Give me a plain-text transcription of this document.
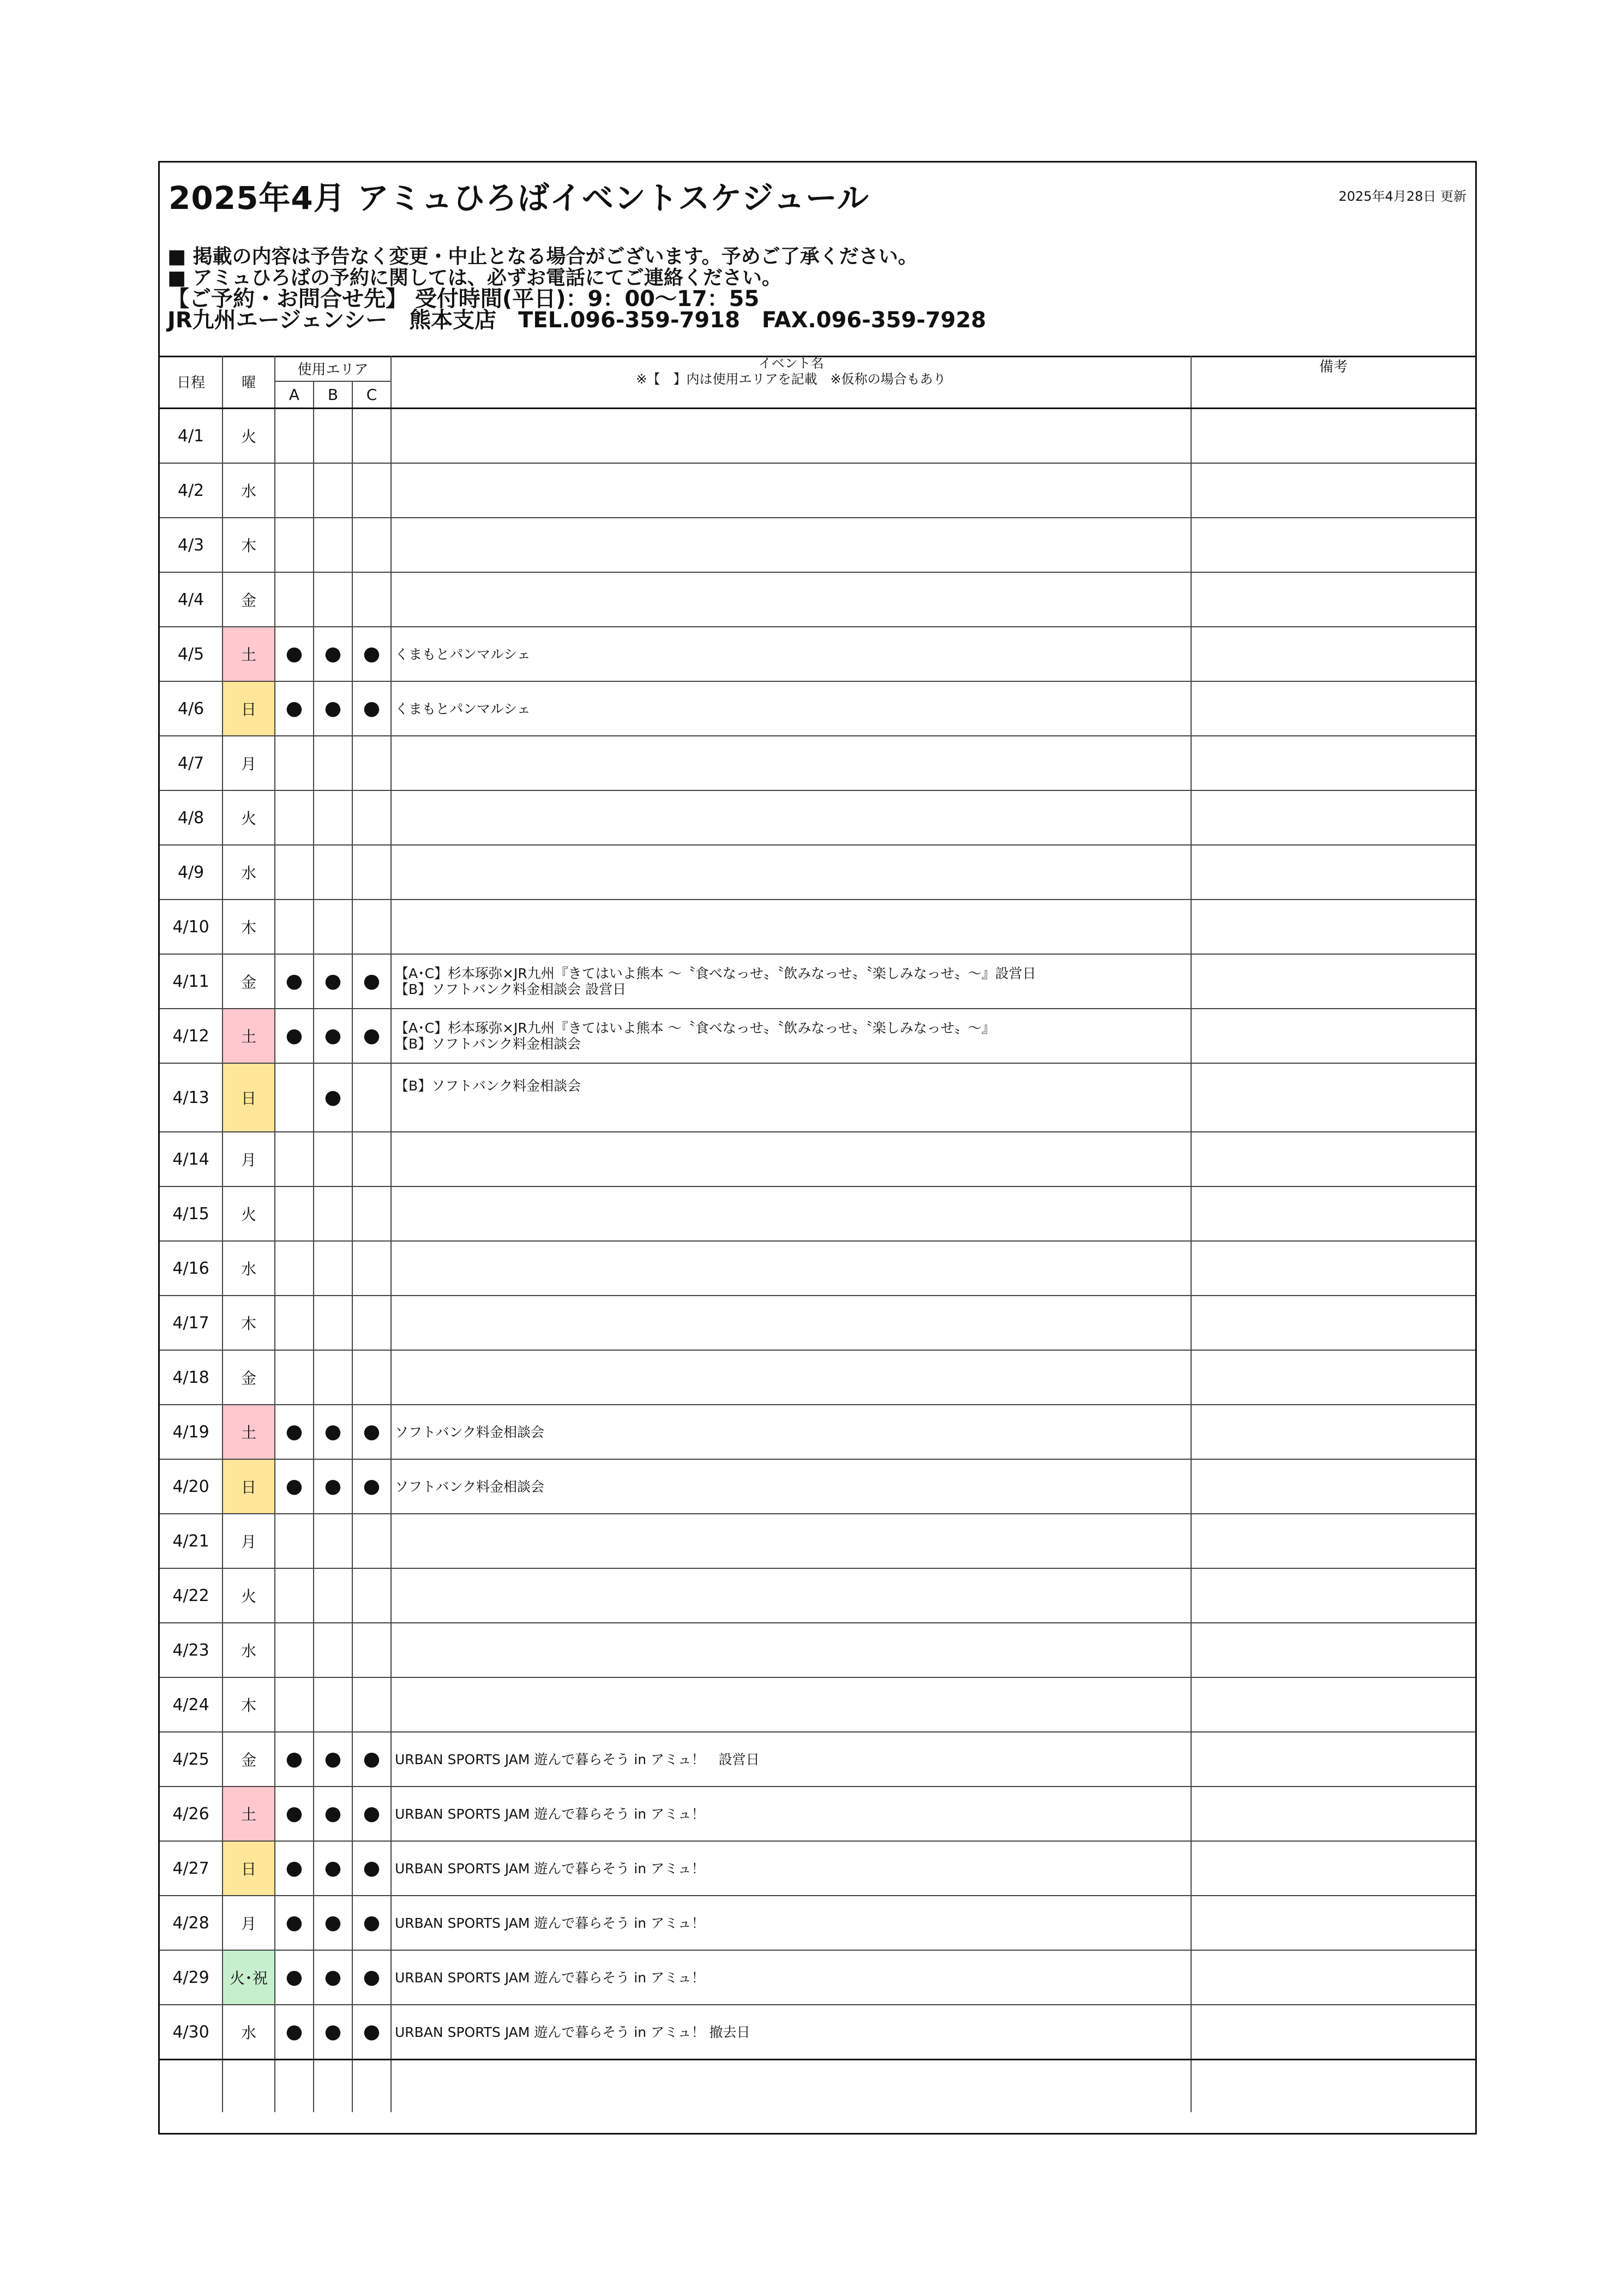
2025年4月 アミュひろばイベントスケジュール	2025年4月28日 更新
■ 掲載の内容は予告なく変更・中止となる場合がございます。予めご了承ください。
■ アミュひろばの予約に関しては、必ずお電話にてご連絡ください。
【ご予約・お問合せ先】 受付時間(平日)：9：00～17：55
JR九州エージェンシー　熊本支店　TEL.096-359-7918　FAX.096-359-7928
日程	曜	使用エリア			イベント名
※【　】内は使用エリアを記載　※仮称の場合もあり	備考
		A	B	C		
4/1	火					
4/2	水					
4/3	木					
4/4	金					
4/5	土	●	●	●	くまもとパンマルシェ	

4/6	日	●	●	●	くまもとパンマルシェ	

4/7	月					
4/8	火					
4/9	水					
4/10	木					
4/11	金	●	●	●	【A･C】杉本琢弥×JR九州『きてはいよ熊本 ～〝食べなっせ〟〝飲みなっせ〟〝楽しみなっせ〟～』設営日
【B】ソフトバンク料金相談会 設営日	

4/12	土	●	●	●	【A･C】杉本琢弥×JR九州『きてはいよ熊本 ～〝食べなっせ〟〝飲みなっせ〟〝楽しみなっせ〟～』
【B】ソフトバンク料金相談会	

4/13	日		●		【B】ソフトバンク料金相談会	

4/14	月					
4/15	火					
4/16	水					
4/17	木					
4/18	金					
4/19	土	●	●	●	ソフトバンク料金相談会	

4/20	日	●	●	●	ソフトバンク料金相談会	

4/21	月					
4/22	火					
4/23	水					
4/24	木					
4/25	金	●	●	●	URBAN SPORTS JAM 遊んで暮らそう in アミュ！　設営日	

4/26	土	●	●	●	URBAN SPORTS JAM 遊んで暮らそう in アミュ！	

4/27	日	●	●	●	URBAN SPORTS JAM 遊んで暮らそう in アミュ！	

4/28	月	●	●	●	URBAN SPORTS JAM 遊んで暮らそう in アミュ！	

4/29	火･祝	●	●	●	URBAN SPORTS JAM 遊んで暮らそう in アミュ！	

4/30	水	●	●	●	URBAN SPORTS JAM 遊んで暮らそう in アミュ！ 撤去日	
